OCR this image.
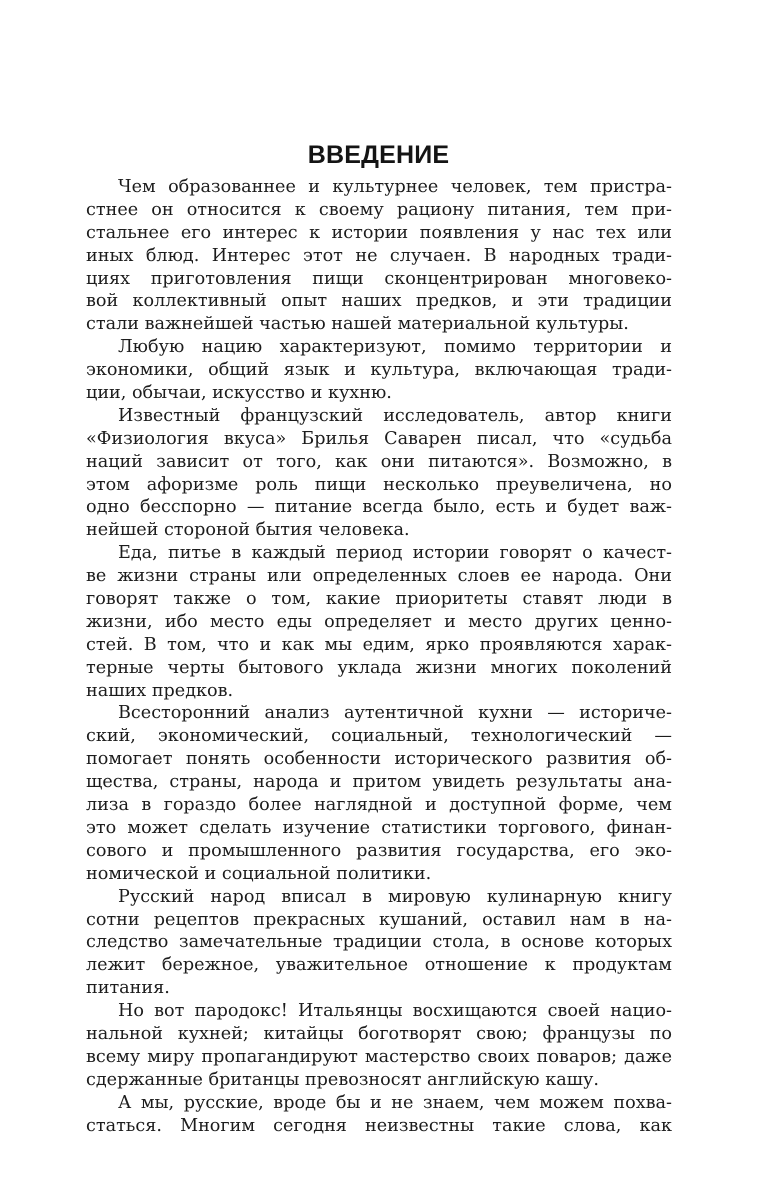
ВВЕДЕНИЕ
Чем образованнее и культурнее человек, тем пристра-
стнее он относится к своему рациону питания, тем при-
стальнее его интерес к истории появления у нас тех или
иных блюд. Интерес этот не случаен. В народных тради-
циях приготовления пищи сконцентрирован многовеко-
вой коллективный опыт наших предков, и эти традиции
стали важнейшей частью нашей материальной культуры.
Любую нацию характеризуют, помимо территории и
экономики, общий язык и культура, включающая тради-
ции, обычаи, искусство и кухню.
Известный французский исследователь, автор книги
«Физиология вкуса» Брилья Саварен писал, что «судьба
наций зависит от того, как они питаются». Возможно, в
этом афоризме роль пищи несколько преувеличена, но
одно бесспорно — питание всегда было, есть и будет важ-
нейшей стороной бытия человека.
Еда, питье в каждый период истории говорят о качест-
ве жизни страны или определенных слоев ее народа. Они
говорят также о том, какие приоритеты ставят люди в
жизни, ибо место еды определяет и место других ценно-
стей. В том, что и как мы едим, ярко проявляются харак-
терные черты бытового уклада жизни многих поколений
наших предков.
Всесторонний анализ аутентичной кухни — историче-
ский, экономический, социальный, технологический —
помогает понять особенности исторического развития об-
щества, страны, народа и притом увидеть результаты ана-
лиза в гораздо более наглядной и доступной форме, чем
это может сделать изучение статистики торгового, финан-
сового и промышленного развития государства, его эко-
номической и социальной политики.
Русский народ вписал в мировую кулинарную книгу
сотни рецептов прекрасных кушаний, оставил нам в на-
следство замечательные традиции стола, в основе которых
лежит бережное, уважительное отношение к продуктам
питания.
Но вот пародокс! Итальянцы восхищаются своей нацио-
нальной кухней; китайцы боготворят свою; французы по
всему миру пропагандируют мастерство своих поваров; даже
сдержанные британцы превозносят английскую кашу.
А мы, русские, вроде бы и не знаем, чем можем похва-
статься. Многим сегодня неизвестны такие слова, как
